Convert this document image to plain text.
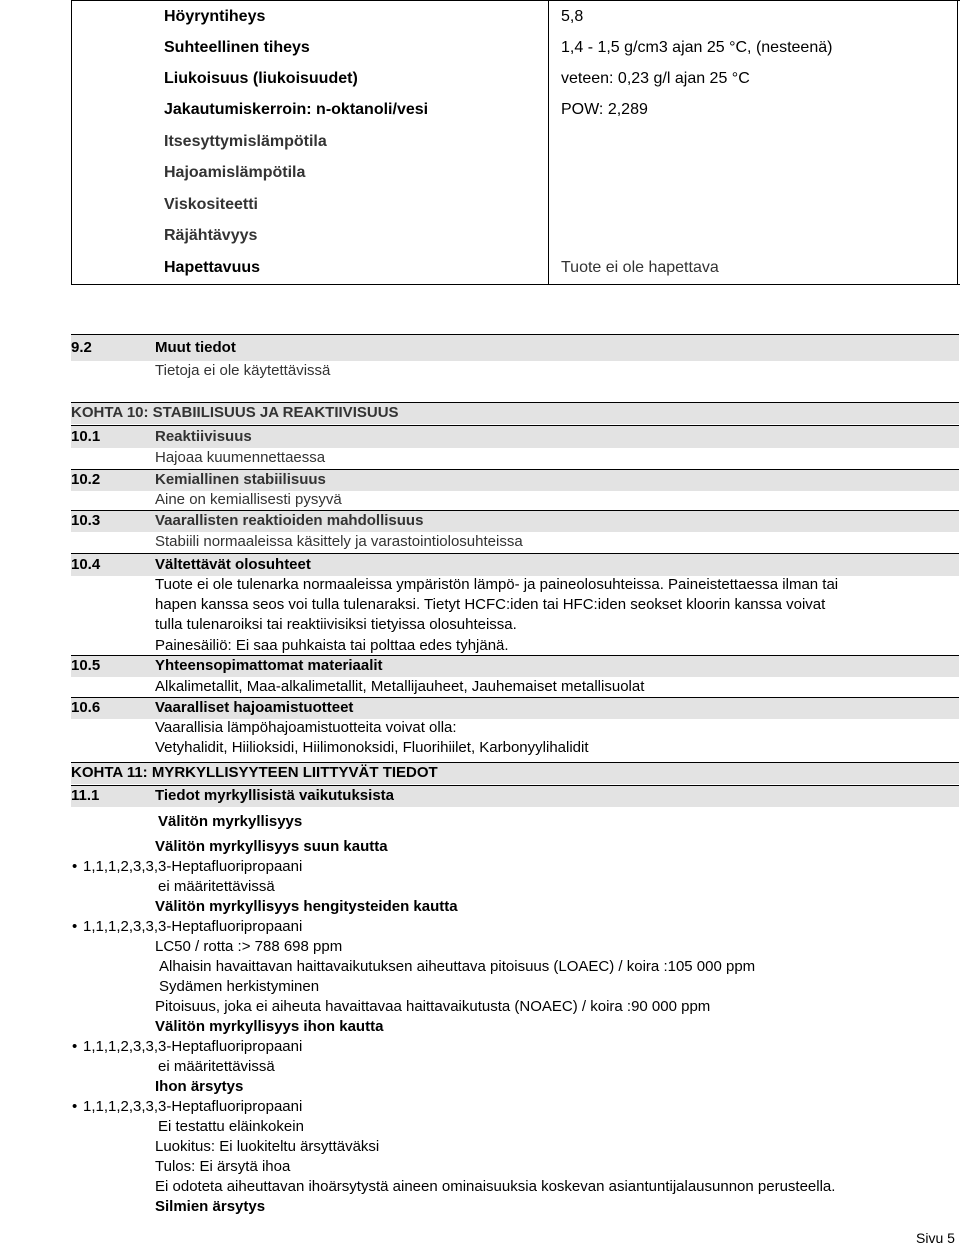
Höyryntiheys	5,8
Suhteellinen tiheys	1,4 - 1,5 g/cm3 ajan 25 °C, (nesteenä)
Liukoisuus (liukoisuudet)	veteen: 0,23 g/l ajan 25 °C
Jakautumiskerroin: n-oktanoli/vesi	POW: 2,289
Itsesyttymislämpötila
Hajoamislämpötila
Viskositeetti
Räjähtävyys
Hapettavuus	Tuote ei ole hapettava
9.2	Muut tiedot
Tietoja ei ole käytettävissä
KOHTA 10: STABIILISUUS JA REAKTIIVISUUS
10.1	Reaktiivisuus
Hajoaa kuumennettaessa
10.2	Kemiallinen stabiilisuus
Aine on kemiallisesti pysyvä
10.3	Vaarallisten reaktioiden mahdollisuus
Stabiili normaaleissa käsittely ja varastointiolosuhteissa
10.4	Vältettävät olosuhteet
Tuote ei ole tulenarka normaaleissa ympäristön lämpö- ja paineolosuhteissa. Paineistettaessa ilman tai
hapen kanssa seos voi tulla tulenaraksi. Tietyt HCFC:iden tai HFC:iden seokset kloorin kanssa voivat
tulla tulenaroiksi tai reaktiivisiksi tietyissa olosuhteissa.
Painesäiliö: Ei saa puhkaista tai polttaa edes tyhjänä.
10.5	Yhteensopimattomat materiaalit
Alkalimetallit, Maa-alkalimetallit, Metallijauheet, Jauhemaiset metallisuolat
10.6	Vaaralliset hajoamistuotteet
Vaarallisia lämpöhajoamistuotteita voivat olla:
Vetyhalidit, Hiilioksidi, Hiilimonoksidi, Fluorihiilet, Karbonyylihalidit
KOHTA 11: MYRKYLLISYYTEEN LIITTYVÄT TIEDOT
11.1	Tiedot myrkyllisistä vaikutuksista
Välitön myrkyllisyys
Välitön myrkyllisyys suun kautta
• 1,1,1,2,3,3,3-Heptafluoripropaani
ei määritettävissä
Välitön myrkyllisyys hengitysteiden kautta
• 1,1,1,2,3,3,3-Heptafluoripropaani
LC50 / rotta :> 788 698 ppm
Alhaisin havaittavan haittavaikutuksen aiheuttava pitoisuus (LOAEC) / koira :105 000 ppm
Sydämen herkistyminen
Pitoisuus, joka ei aiheuta havaittavaa haittavaikutusta (NOAEC) / koira :90 000 ppm
Välitön myrkyllisyys ihon kautta
• 1,1,1,2,3,3,3-Heptafluoripropaani
ei määritettävissä
Ihon ärsytys
• 1,1,1,2,3,3,3-Heptafluoripropaani
Ei testattu eläinkokein
Luokitus: Ei luokiteltu ärsyttäväksi
Tulos: Ei ärsytä ihoa
Ei odoteta aiheuttavan ihoärsytystä aineen ominaisuuksia koskevan asiantuntijalausunnon perusteella.
Silmien ärsytys
Sivu 5
